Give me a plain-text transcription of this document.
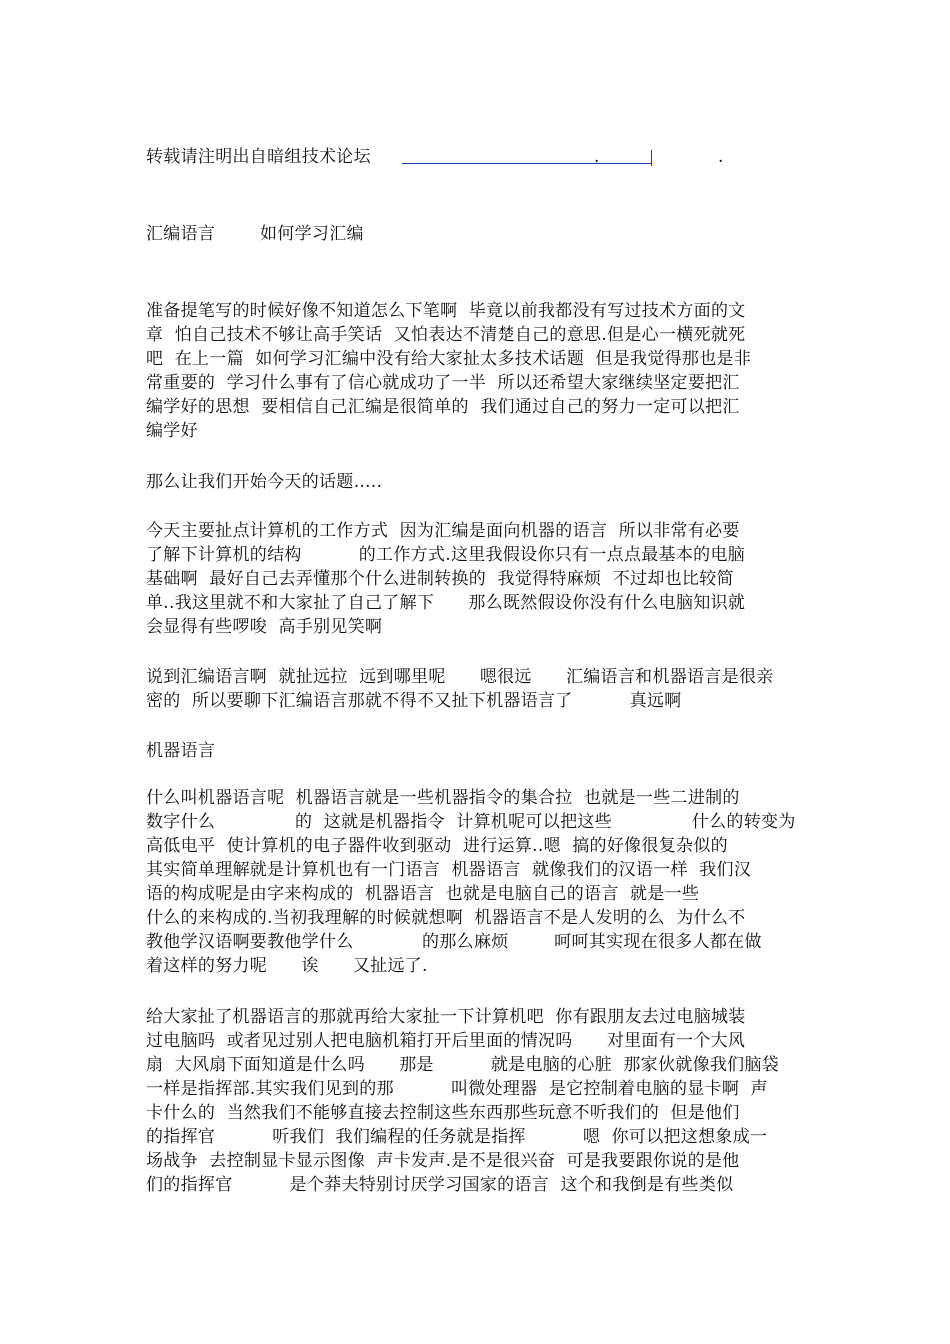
转载请注明出自暗组技术论坛	.	.
汇编语言	如何学习汇编
准备提笔写的时候好像不知道怎么下笔啊  毕竟以前我都没有写过技术方面的文
章  怕自己技术不够让高手笑话  又怕表达不清楚自己的意思.但是心一横死就死
吧  在上一篇  如何学习汇编中没有给大家扯太多技术话题  但是我觉得那也是非
常重要的  学习什么事有了信心就成功了一半  所以还希望大家继续坚定要把汇
编学好的思想  要相信自己汇编是很简单的  我们通过自己的努力一定可以把汇
编学好
那么让我们开始今天的话题…..
今天主要扯点计算机的工作方式  因为汇编是面向机器的语言  所以非常有必要
了解下计算机的结构          的工作方式.这里我假设你只有一点点最基本的电脑
基础啊  最好自己去弄懂那个什么进制转换的  我觉得特麻烦  不过却也比较简
单..我这里就不和大家扯了自己了解下      那么既然假设你没有什么电脑知识就
会显得有些啰唆  高手别见笑啊
说到汇编语言啊  就扯远拉  远到哪里呢      嗯很远      汇编语言和机器语言是很亲
密的  所以要聊下汇编语言那就不得不又扯下机器语言了          真远啊
机器语言
什么叫机器语言呢  机器语言就是一些机器指令的集合拉  也就是一些二进制的
数字什么              的  这就是机器指令  计算机呢可以把这些              什么的转变为
高低电平  使计算机的电子器件收到驱动  进行运算..嗯  搞的好像很复杂似的
其实简单理解就是计算机也有一门语言  机器语言  就像我们的汉语一样  我们汉
语的构成呢是由字来构成的  机器语言  也就是电脑自己的语言  就是一些
什么的来构成的.当初我理解的时候就想啊  机器语言不是人发明的么  为什么不
教他学汉语啊要教他学什么            的那么麻烦        呵呵其实现在很多人都在做
着这样的努力呢      诶      又扯远了.
给大家扯了机器语言的那就再给大家扯一下计算机吧  你有跟朋友去过电脑城装
过电脑吗  或者见过别人把电脑机箱打开后里面的情况吗      对里面有一个大风
扇  大风扇下面知道是什么吗      那是          就是电脑的心脏  那家伙就像我们脑袋
一样是指挥部.其实我们见到的那          叫微处理器  是它控制着电脑的显卡啊  声
卡什么的  当然我们不能够直接去控制这些东西那些玩意不听我们的  但是他们
的指挥官          听我们  我们编程的任务就是指挥          嗯  你可以把这想象成一
场战争  去控制显卡显示图像  声卡发声.是不是很兴奋  可是我要跟你说的是他
们的指挥官          是个莽夫特别讨厌学习国家的语言  这个和我倒是有些类似
